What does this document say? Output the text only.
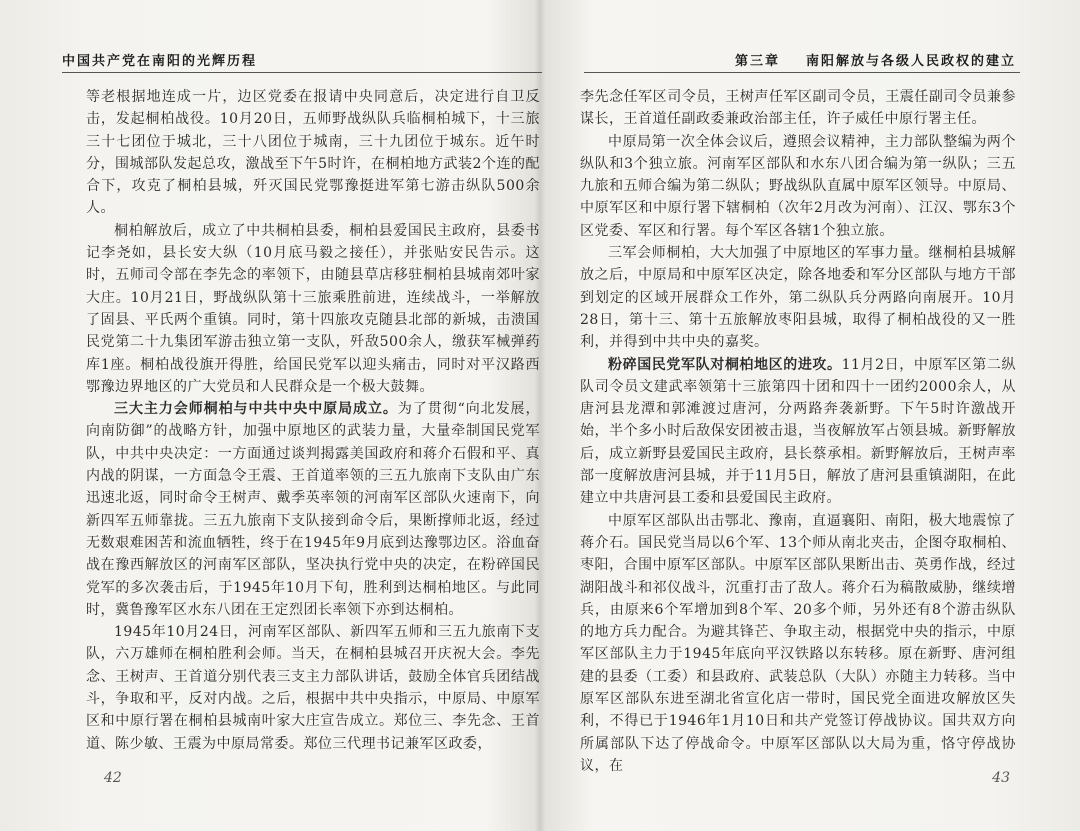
中国共产党在南阳的光辉历程

等老根据地连成一片，边区党委在报请中央同意后，决定进行自卫反击，发起桐柏战役。10月20日，五师野战纵队兵临桐柏城下，十三旅三十七团位于城北，三十八团位于城南，三十九团位于城东。近午时分，围城部队发起总攻，激战至下午5时许，在桐柏地方武装2个连的配合下，攻克了桐柏县城，歼灭国民党鄂豫挺进军第七游击纵队500余人。

桐柏解放后，成立了中共桐柏县委，桐柏县爱国民主政府，县委书记李尧如，县长安大纵（10月底马毅之接任），并张贴安民告示。这时，五师司令部在李先念的率领下，由随县草店移驻桐柏县城南郊叶家大庄。10月21日，野战纵队第十三旅乘胜前进，连续战斗，一举解放了固县、平氏两个重镇。同时，第十四旅攻克随县北部的新城，击溃国民党第二十九集团军游击独立第一支队，歼敌500余人，缴获军械弹药库1座。桐柏战役旗开得胜，给国民党军以迎头痛击，同时对平汉路西鄂豫边界地区的广大党员和人民群众是一个极大鼓舞。

三大主力会师桐柏与中共中央中原局成立。为了贯彻“向北发展，向南防御”的战略方针，加强中原地区的武装力量，大量牵制国民党军队，中共中央决定：一方面通过谈判揭露美国政府和蒋介石假和平、真内战的阴谋，一方面急令王震、王首道率领的三五九旅南下支队由广东迅速北返，同时命令王树声、戴季英率领的河南军区部队火速南下，向新四军五师靠拢。三五九旅南下支队接到命令后，果断撑师北返，经过无数艰难困苦和流血牺牲，终于在1945年9月底到达豫鄂边区。浴血奋战在豫西解放区的河南军区部队，坚决执行党中央的决定，在粉碎国民党军的多次袭击后，于1945年10月下旬，胜利到达桐柏地区。与此同时，冀鲁豫军区水东八团在王定烈团长率领下亦到达桐柏。

1945年10月24日，河南军区部队、新四军五师和三五九旅南下支队，六万雄师在桐柏胜利会师。当天，在桐柏县城召开庆祝大会。李先念、王树声、王首道分别代表三支主力部队讲话，鼓励全体官兵团结战斗，争取和平，反对内战。之后，根据中共中央指示，中原局、中原军区和中原行署在桐柏县城南叶家大庄宣告成立。郑位三、李先念、王首道、陈少敏、王震为中原局常委。郑位三代理书记兼军区政委，

42
第三章 南阳解放与各级人民政权的建立

李先念任军区司令员，王树声任军区副司令员，王震任副司令员兼参谋长，王首道任副政委兼政治部主任，许子威任中原行署主任。

中原局第一次全体会议后，遵照会议精神，主力部队整编为两个纵队和3个独立旅。河南军区部队和水东八团合编为第一纵队；三五九旅和五师合编为第二纵队；野战纵队直属中原军区领导。中原局、中原军区和中原行署下辖桐柏（次年2月改为河南）、江汉、鄂东3个区党委、军区和行署。每个军区各辖1个独立旅。

三军会师桐柏，大大加强了中原地区的军事力量。继桐柏县城解放之后，中原局和中原军区决定，除各地委和军分区部队与地方干部到划定的区域开展群众工作外，第二纵队兵分两路向南展开。10月28日，第十三、第十五旅解放枣阳县城，取得了桐柏战役的又一胜利，并得到中共中央的嘉奖。

粉碎国民党军队对桐柏地区的进攻。11月2日，中原军区第二纵队司令员文建武率领第十三旅第四十团和四十一团约2000余人，从唐河县龙潭和郭滩渡过唐河，分两路奔袭新野。下午5时许激战开始，半个多小时后敌保安团被击退，当夜解放军占领县城。新野解放后，成立新野县爱国民主政府，县长蔡承相。新野解放后，王树声率部一度解放唐河县城，并于11月5日，解放了唐河县重镇湖阳，在此建立中共唐河县工委和县爱国民主政府。

中原军区部队出击鄂北、豫南，直逼襄阳、南阳，极大地震惊了蒋介石。国民党当局以6个军、13个师从南北夹击，企图夺取桐柏、枣阳，合围中原军区部队。中原军区部队果断出击、英勇作战，经过湖阳战斗和祁仪战斗，沉重打击了敌人。蒋介石为稿散威胁，继续增兵，由原来6个军增加到8个军、20多个师，另外还有8个游击纵队的地方兵力配合。为避其锋芒、争取主动，根据党中央的指示，中原军区部队主力于1945年底向平汉铁路以东转移。原在新野、唐河组建的县委（工委）和县政府、武装总队（大队）亦随主力转移。当中原军区部队东进至湖北省宣化店一带时，国民党全面进攻解放区失利，不得已于1946年1月10日和共产党签订停战协议。国共双方向所属部队下达了停战命令。中原军区部队以大局为重，恪守停战协议，在

43
